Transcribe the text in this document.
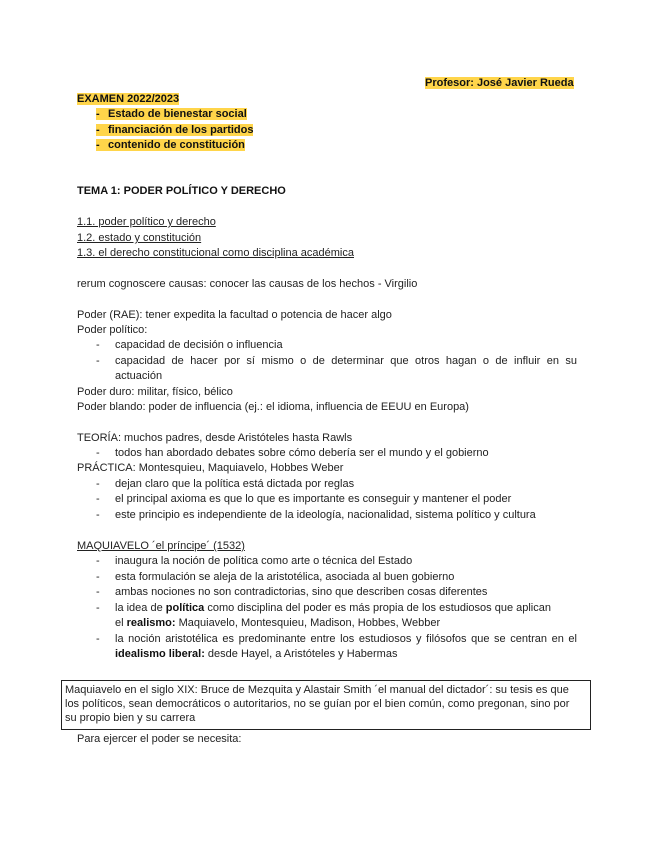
Profesor: José Javier Rueda
EXAMEN 2022/2023
- Estado de bienestar social
- financiación de los partidos
- contenido de constitución
TEMA 1: PODER POLÍTICO Y DERECHO
1.1. poder político y derecho
1.2. estado y constitución
1.3. el derecho constitucional como disciplina académica
rerum cognoscere causas: conocer las causas de los hechos - Virgilio
Poder (RAE): tener expedita la facultad o potencia de hacer algo
Poder político:
-	capacidad de decisión o influencia
-	capacidad de hacer por sí mismo o de determinar que otros hagan o de influir en su
actuación
Poder duro: militar, físico, bélico
Poder blando: poder de influencia (ej.: el idioma, influencia de EEUU en Europa)
TEORÍA: muchos padres, desde Aristóteles hasta Rawls
-	todos han abordado debates sobre cómo debería ser el mundo y el gobierno
PRÁCTICA: Montesquieu, Maquiavelo, Hobbes Weber
-	dejan claro que la política está dictada por reglas
-	el principal axioma es que lo que es importante es conseguir y mantener el poder
-	este principio es independiente de la ideología, nacionalidad, sistema político y cultura
MAQUIAVELO ´el príncipe´ (1532)
-	inaugura la noción de política como arte o técnica del Estado
-	esta formulación se aleja de la aristotélica, asociada al buen gobierno
-	ambas nociones no son contradictorias, sino que describen cosas diferentes
-	la idea de política como disciplina del poder es más propia de los estudiosos que aplican
el realismo: Maquiavelo, Montesquieu, Madison, Hobbes, Webber
-	la noción aristotélica es predominante entre los estudiosos y filósofos que se centran en el
idealismo liberal: desde Hayel, a Aristóteles y Habermas
Maquiavelo en el siglo XIX: Bruce de Mezquita y Alastair Smith ´el manual del dictador´: su tesis es que
los políticos, sean democráticos o autoritarios, no se guían por el bien común, como pregonan, sino por
su propio bien y su carrera
Para ejercer el poder se necesita:
